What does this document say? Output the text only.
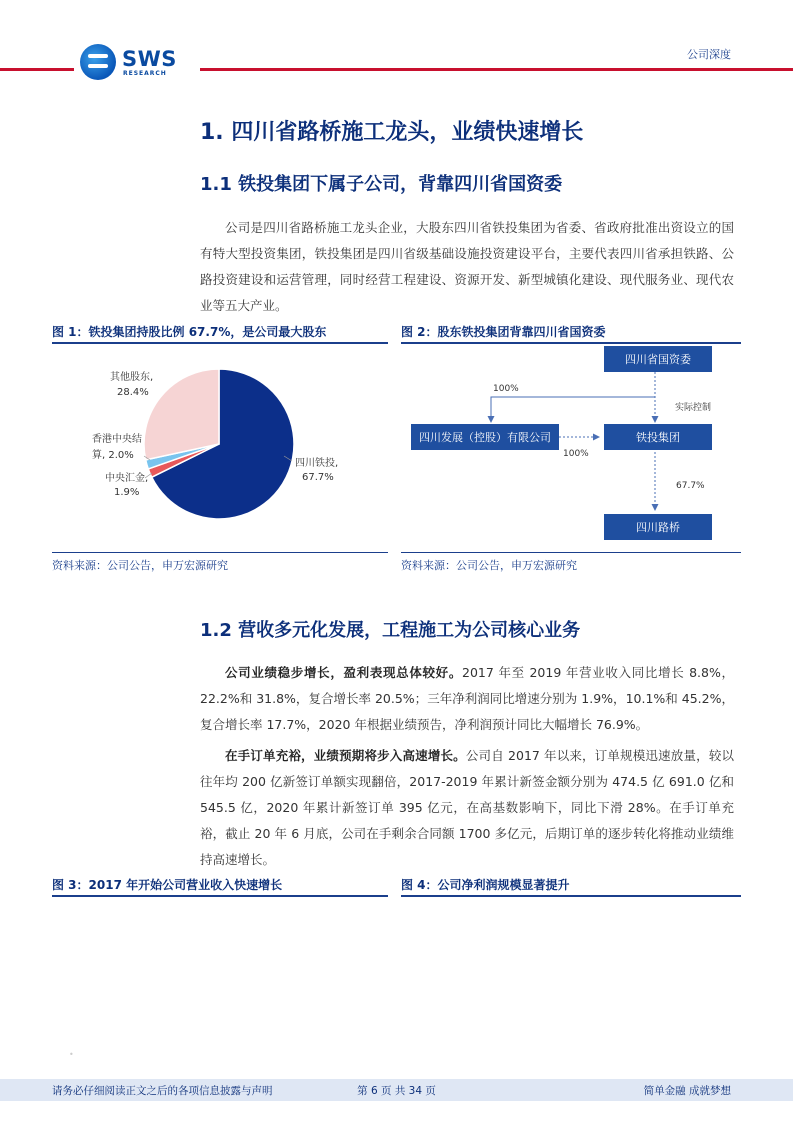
SWS
RESEARCH
公司深度
1. 四川省路桥施工龙头，业绩快速增长
1.1 铁投集团下属子公司，背靠四川省国资委
公司是四川省路桥施工龙头企业，大股东四川省铁投集团为省委、省政府批准出资设立的国有特大型投资集团，铁投集团是四川省级基础设施投资建设平台，主要代表四川省承担铁路、公路投资建设和运营管理，同时经营工程建设、资源开发、新型城镇化建设、现代服务业、现代农业等五大产业。
图 1：铁投集团持股比例 67.7%，是公司最大股东
四川铁投,
67.7%
中央汇金,
1.9%
香港中央结
算, 2.0%
其他股东,
28.4%
资料来源：公司公告，申万宏源研究
图 2：股东铁投集团背靠四川省国资委
四川省国资委
铁投集团
四川发展（控股）有限公司
四川路桥
100%
实际控制
100%
67.7%
资料来源：公司公告，申万宏源研究
1.2 营收多元化发展，工程施工为公司核心业务
公司业绩稳步增长，盈利表现总体较好。2017 年至 2019 年营业收入同比增长 8.8%，22.2%和 31.8%，复合增长率 20.5%；三年净利润同比增速分别为 1.9%，10.1%和 45.2%，复合增长率 17.7%，2020 年根据业绩预告，净利润预计同比大幅增长 76.9%。
在手订单充裕，业绩预期将步入高速增长。公司自 2017 年以来，订单规模迅速放量，较以往年均 200 亿新签订单额实现翻倍，2017-2019 年累计新签金额分别为 474.5 亿 691.0 亿和 545.5 亿，2020 年累计新签订单 395 亿元，在高基数影响下，同比下滑 28%。在手订单充裕，截止 20 年 6 月底，公司在手剩余合同额 1700 多亿元，后期订单的逐步转化将推动业绩维持高速增长。
图 3：2017 年开始公司营业收入快速增长	图 4：公司净利润规模显著提升
•
请务必仔细阅读正文之后的各项信息披露与声明	第 6 页 共 34 页	简单金融 成就梦想
